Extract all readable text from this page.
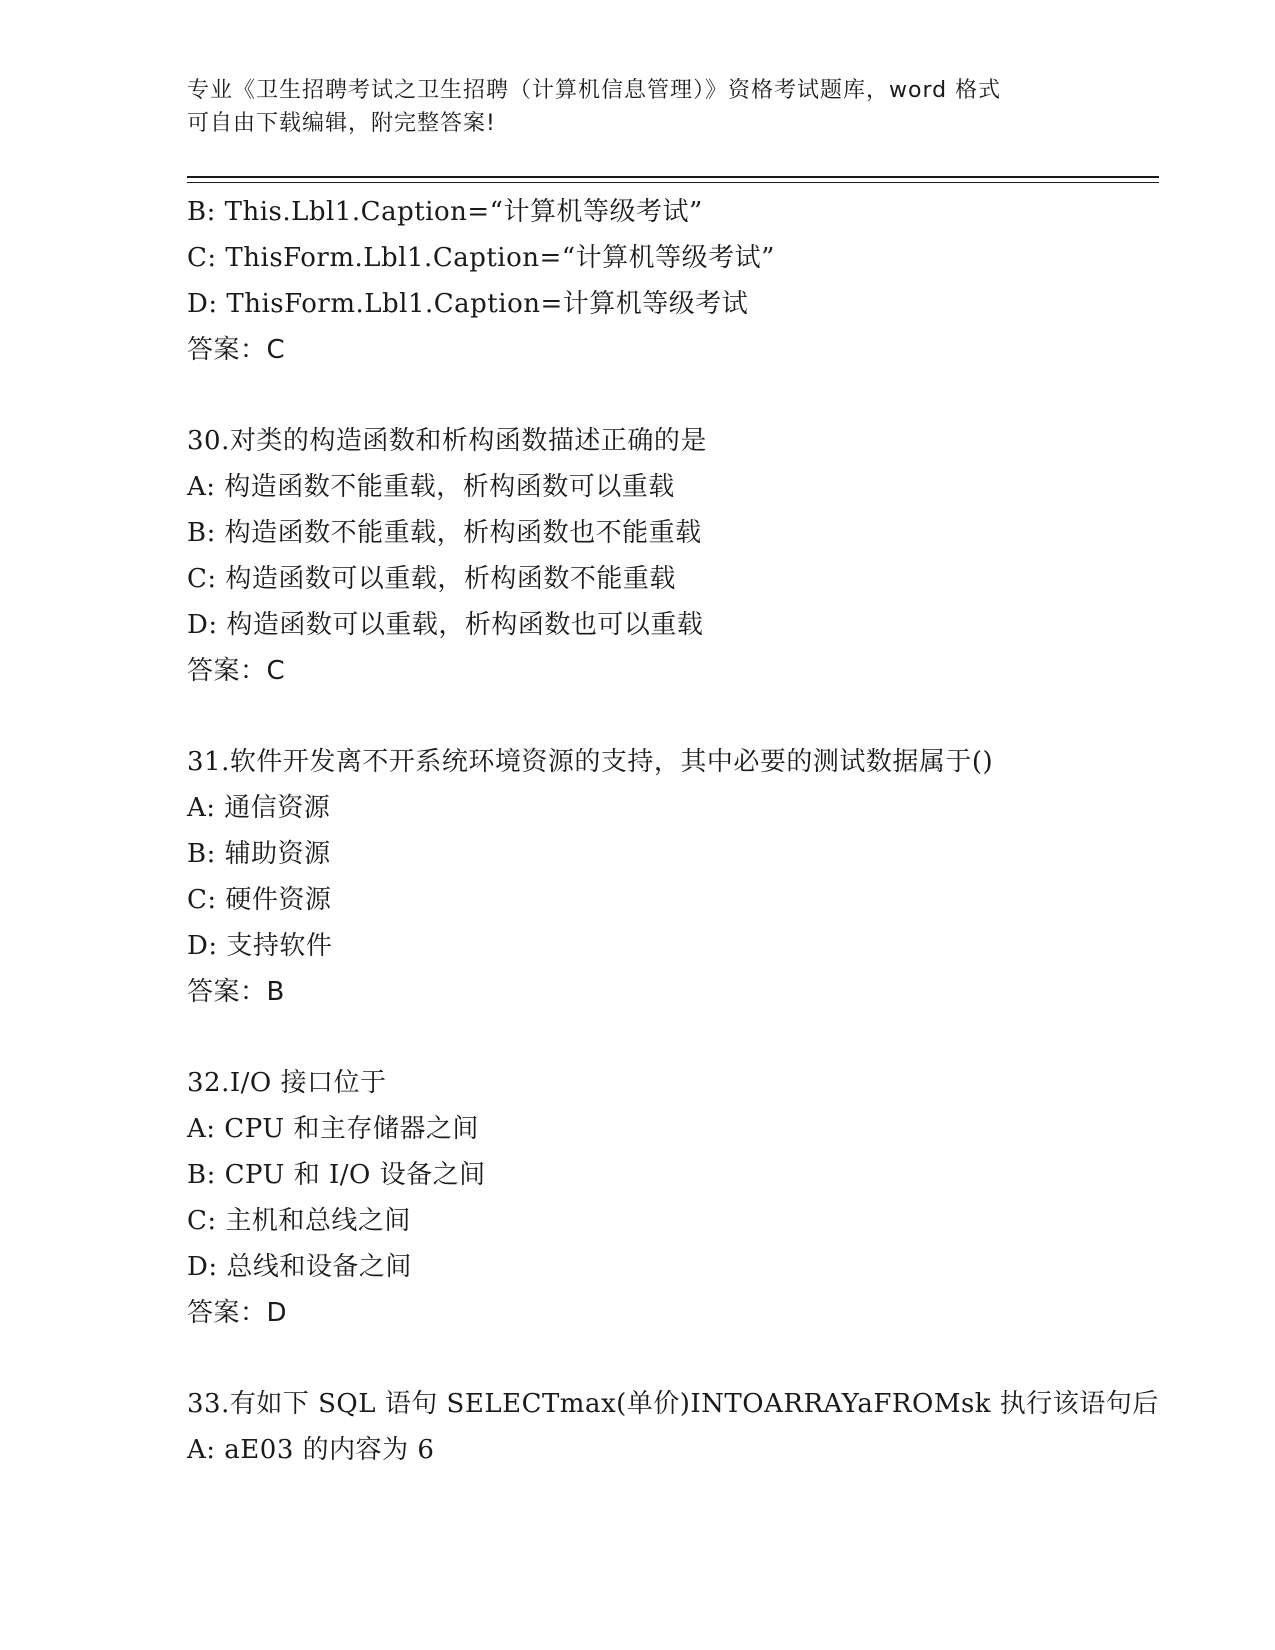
专业《卫生招聘考试之卫生招聘（计算机信息管理）》资格考试题库，word 格式
可自由下载编辑，附完整答案!
B: This.Lbl1.Caption=“计算机等级考试”
C: ThisForm.Lbl1.Caption=“计算机等级考试”
D: ThisForm.Lbl1.Caption=计算机等级考试
答案：C
30.对类的构造函数和析构函数描述正确的是
A: 构造函数不能重载，析构函数可以重载
B: 构造函数不能重载，析构函数也不能重载
C: 构造函数可以重载，析构函数不能重载
D: 构造函数可以重载，析构函数也可以重载
答案：C
31.软件开发离不开系统环境资源的支持，其中必要的测试数据属于()
A: 通信资源
B: 辅助资源
C: 硬件资源
D: 支持软件
答案：B
32.I/O 接口位于
A: CPU 和主存储器之间
B: CPU 和 I/O 设备之间
C: 主机和总线之间
D: 总线和设备之间
答案：D
33.有如下 SQL 语句 SELECTmax(单价)INTOARRAYaFROMsk 执行该语句后
A: aE03 的内容为 6
